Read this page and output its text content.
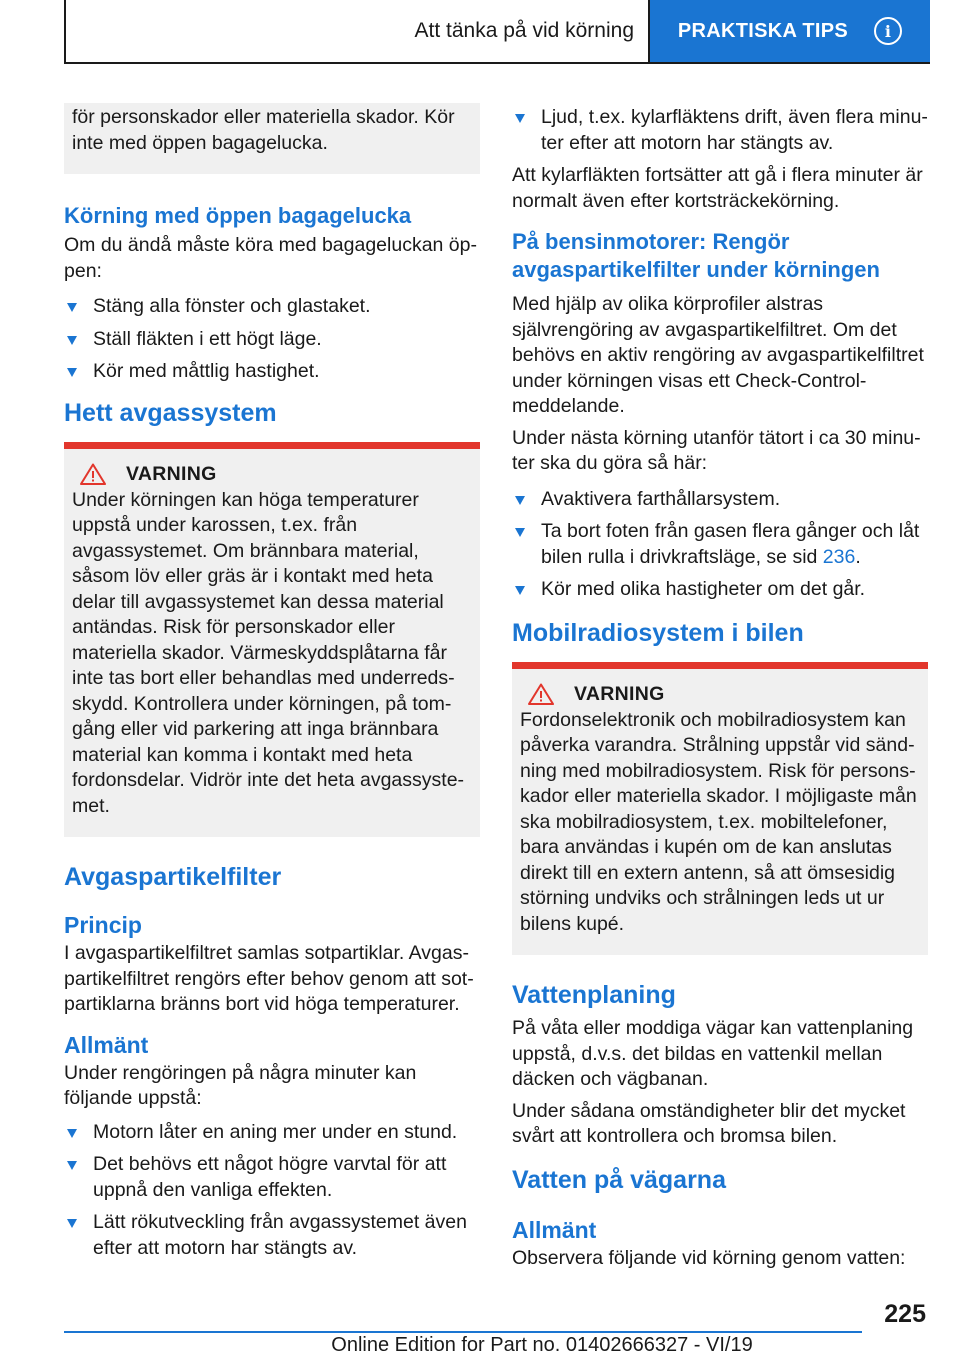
Att tänka på vid körning	PRAKTISKA TIPS	i

för personskador eller materiella skador. Kör inte med öppen bagagelucka.

Körning med öppen bagagelucka

Om du ändå måste köra med bagageluckan öppen:

Stäng alla fönster och glastaket.
Ställ fläkten i ett högt läge.
Kör med måttlig hastighet.
Hett avgassystem
VARNING

Under körningen kan höga temperaturer uppstå under karossen, t.ex. från avgassystemet. Om brännbara material, såsom löv eller gräs är i kontakt med heta delar till avgassystemet kan dessa material antändas. Risk för personskador eller materiella skador. Värmeskyddsplåtarna får inte tas bort eller behandlas med underredsskydd. Kontrollera under körningen, på tomgång eller vid parkering att inga brännbara material kan komma i kontakt med heta fordonsdelar. Vidrör inte det heta avgassystemet.

Avgaspartikelfilter
Princip

I avgaspartikelfiltret samlas sotpartiklar. Avgaspartikelfiltret rengörs efter behov genom att sotpartiklarna bränns bort vid höga temperaturer.

Allmänt

Under rengöringen på några minuter kan följande uppstå:

Motorn låter en aning mer under en stund.
Det behövs ett något högre varvtal för att uppnå den vanliga effekten.
Lätt rökutveckling från avgassystemet även efter att motorn har stängts av.
Ljud, t.ex. kylarfläktens drift, även flera minuter efter att motorn har stängts av.

Att kylarfläkten fortsätter att gå i flera minuter är normalt även efter kortsträckekörning.

På bensinmotorer: Rengör avgaspartikelfilter under körningen

Med hjälp av olika körprofiler alstras självrengöring av avgaspartikelfiltret. Om det behövs en aktiv rengöring av avgaspartikelfiltret under körningen visas ett Check-Control-meddelande.

Under nästa körning utanför tätort i ca 30 minuter ska du göra så här:

Avaktivera farthållarsystem.
Ta bort foten från gasen flera gånger och låt bilen rulla i drivkraftsläge, se sid 236.
Kör med olika hastigheter om det går.
Mobilradiosystem i bilen
VARNING

Fordonselektronik och mobilradiosystem kan påverka varandra. Strålning uppstår vid sändning med mobilradiosystem. Risk för personskador eller materiella skador. I möjligaste mån ska mobilradiosystem, t.ex. mobiltelefoner, bara användas i kupén om de kan anslutas direkt till en extern antenn, så att ömsesidig störning undviks och strålningen leds ut ur bilens kupé.

Vattenplaning

På våta eller moddiga vägar kan vattenplaning uppstå, d.v.s. det bildas en vattenkil mellan däcken och vägbanan.

Under sådana omständigheter blir det mycket svårt att kontrollera och bromsa bilen.

Vatten på vägarna
Allmänt

Observera följande vid körning genom vatten:

225
Online Edition for Part no. 01402666327 - VI/19
